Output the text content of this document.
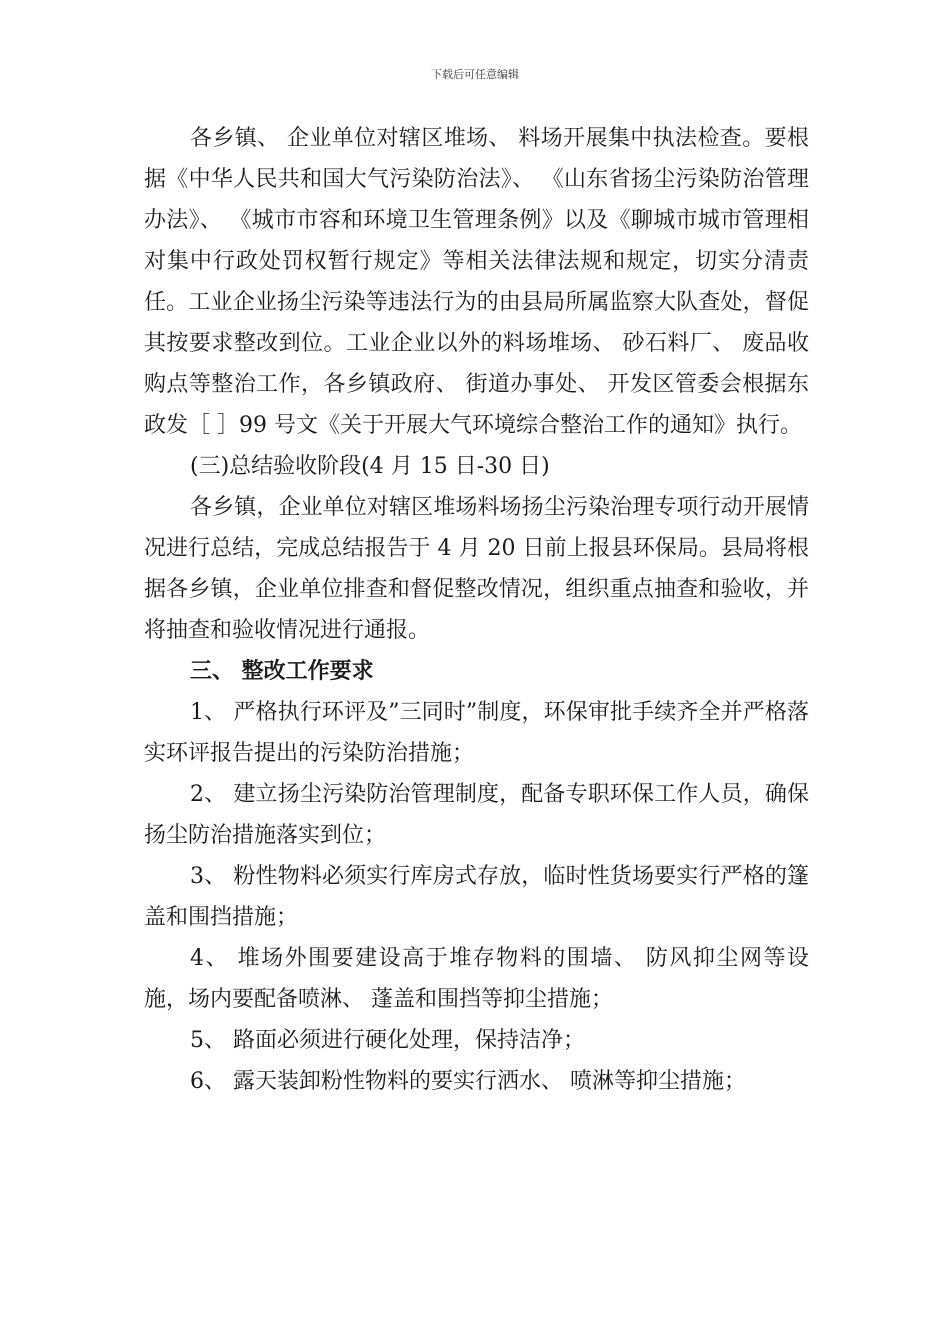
下载后可任意编辑

各乡镇、 企业单位对辖区堆场、 料场开展集中执法检查。要根据《中华人民共和国大气污染防治法》、 《山东省扬尘污染防治管理办法》、 《城市市容和环境卫生管理条例》以及《聊城市城市管理相对集中行政处罚权暂行规定》等相关法律法规和规定，切实分清责任。工业企业扬尘污染等违法行为的由县局所属监察大队查处，督促其按要求整改到位。工业企业以外的料场堆场、 砂石料厂、 废品收购点等整治工作，各乡镇政府、 街道办事处、 开发区管委会根据东政发［ ］99 号文《关于开展大气环境综合整治工作的通知》执行。

(三)总结验收阶段(4 月 15 日-30 日)

各乡镇，企业单位对辖区堆场料场扬尘污染治理专项行动开展情况进行总结，完成总结报告于 4 月 20 日前上报县环保局。县局将根据各乡镇，企业单位排查和督促整改情况，组织重点抽查和验收，并将抽查和验收情况进行通报。

三、 整改工作要求

1、 严格执行环评及”三同时”制度，环保审批手续齐全并严格落实环评报告提出的污染防治措施；

2、 建立扬尘污染防治管理制度，配备专职环保工作人员，确保扬尘防治措施落实到位；

3、 粉性物料必须实行库房式存放，临时性货场要实行严格的篷盖和围挡措施；

4、 堆场外围要建设高于堆存物料的围墙、 防风抑尘网等设施，场内要配备喷淋、 蓬盖和围挡等抑尘措施；

5、 路面必须进行硬化处理，保持洁净；

6、 露天装卸粉性物料的要实行洒水、 喷淋等抑尘措施；
